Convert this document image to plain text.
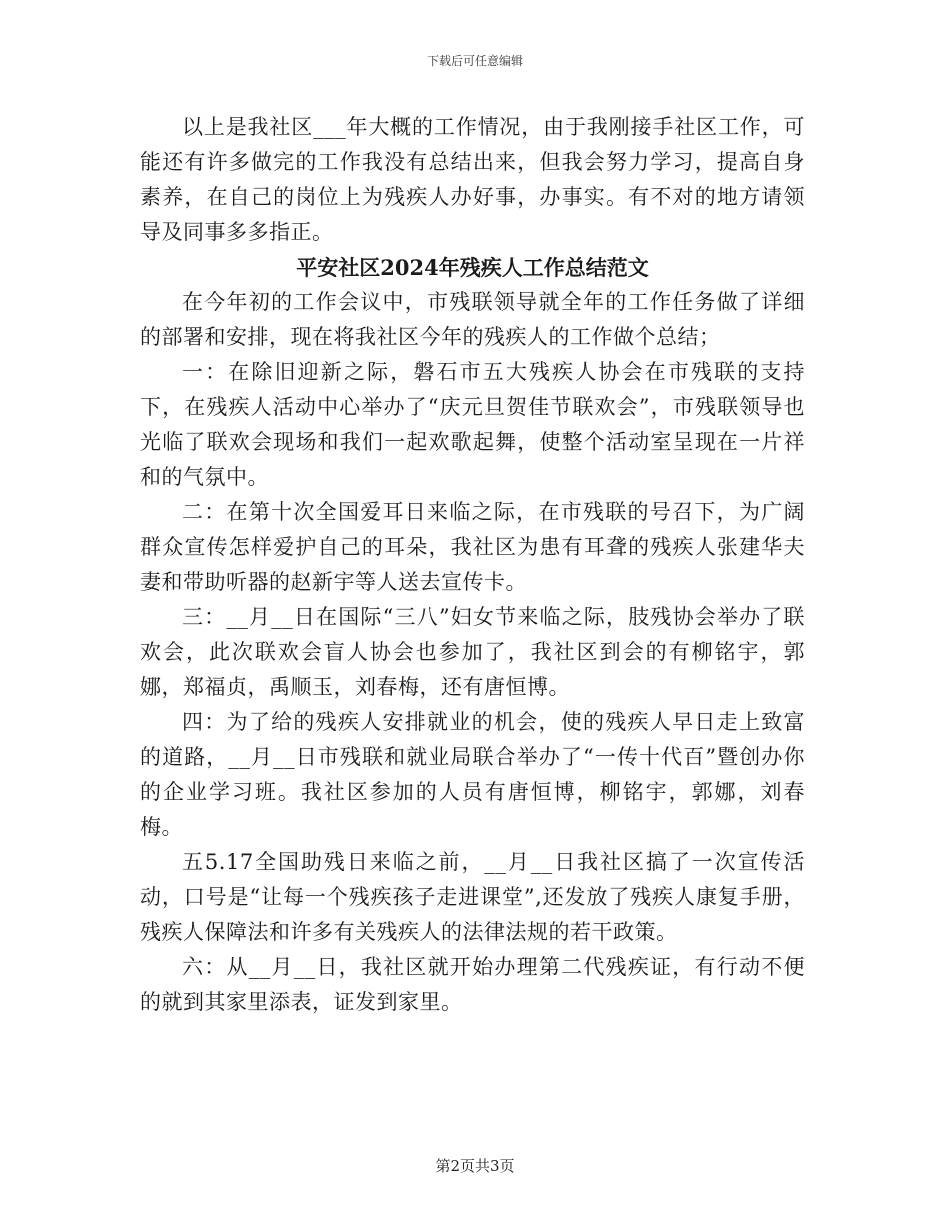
下载后可任意编辑

以上是我社区___年大概的工作情况，由于我刚接手社区工作，可能还有许多做完的工作我没有总结出来，但我会努力学习，提高自身素养，在自己的岗位上为残疾人办好事，办事实。有不对的地方请领导及同事多多指正。

平安社区2024年残疾人工作总结范文

在今年初的工作会议中，市残联领导就全年的工作任务做了详细的部署和安排，现在将我社区今年的残疾人的工作做个总结；

一：在除旧迎新之际，磐石市五大残疾人协会在市残联的支持下，在残疾人活动中心举办了“庆元旦贺佳节联欢会”，市残联领导也光临了联欢会现场和我们一起欢歌起舞，使整个活动室呈现在一片祥和的气氛中。

二：在第十次全国爱耳日来临之际，在市残联的号召下，为广阔群众宣传怎样爱护自己的耳朵，我社区为患有耳聋的残疾人张建华夫妻和带助听器的赵新宇等人送去宣传卡。

三：__月__日在国际“三八”妇女节来临之际，肢残协会举办了联欢会，此次联欢会盲人协会也参加了，我社区到会的有柳铭宇，郭娜，郑福贞，禹顺玉，刘春梅，还有唐恒博。

四：为了给的残疾人安排就业的机会，使的残疾人早日走上致富的道路，__月__日市残联和就业局联合举办了“一传十代百”暨创办你的企业学习班。我社区参加的人员有唐恒博，柳铭宇，郭娜，刘春梅。

五5.17全国助残日来临之前，__月__日我社区搞了一次宣传活动，口号是“让每一个残疾孩子走进课堂”,还发放了残疾人康复手册，残疾人保障法和许多有关残疾人的法律法规的若干政策。

六：从__月__日，我社区就开始办理第二代残疾证，有行动不便的就到其家里添表，证发到家里。

第2页共3页
